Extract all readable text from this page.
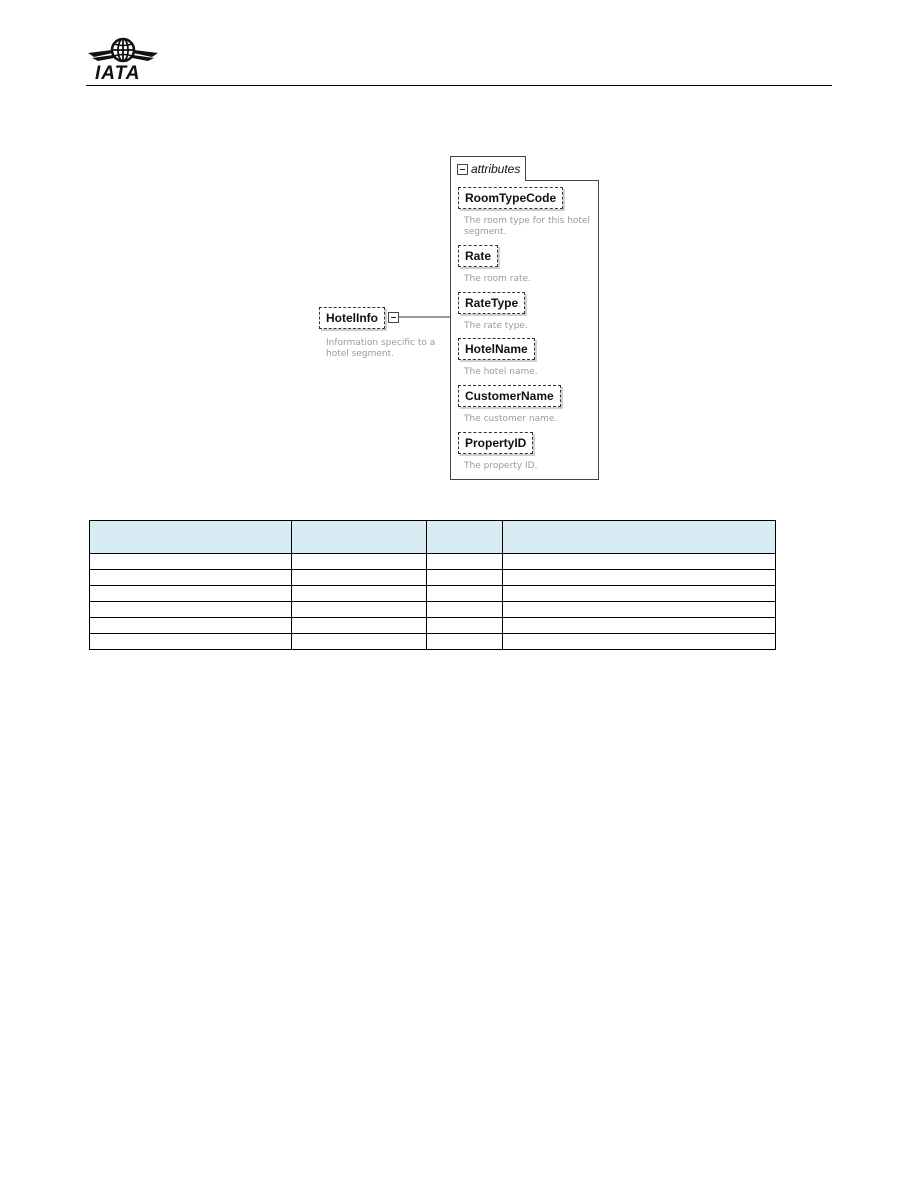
IATA
HotelInfo
Information specific to a hotel segment.
attributes
RoomTypeCode
The room type for this hotel segment.
Rate
The room rate.
RateType
The rate type.
HotelName
The hotel name.
CustomerName
The customer name.
PropertyID
The property ID.
